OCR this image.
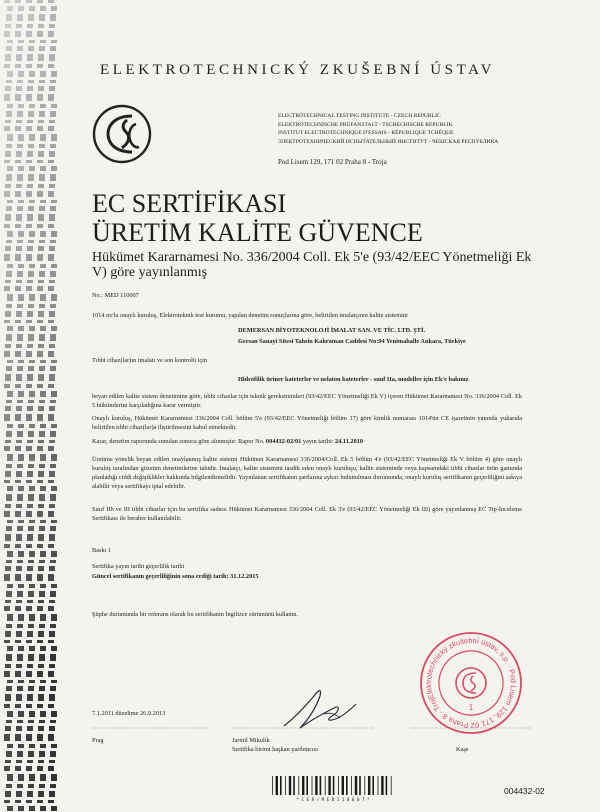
ELEKTROTECHNICKÝ ZKUŠEBNÍ ÚSTAV
ELECTROTECHNICAL TESTING INSTITUTE - CZECH REPUBLIC
ELEKTROTECHNISCHE PRÜFANSTALT - TSCHECHISCHE REPUBLIK
INSTITUT ELECTROTECHNIQUE D'ESSAIS - RÉPUBLIQUE TCHÈQUE
ЭЛЕКТРОТЕХНИЧЕСКИЙ ИСПЫТАТЕЛЬНЫЙ ИНСТИТУТ - ЧЕШСКАЯ РЕСПУБЛИКА
Pod Lisem 129, 171 02 Praha 8 - Troja
EC SERTİFİKASI
ÜRETİM KALİTE GÜVENCE
Hükümet Kararnamesi No. 336/2004 Coll. Ek 5'e (93/42/EEC Yönetmeliği Ek V) göre yayınlanmış
No.: MED 110007
1014 no'lu onaylı kuruluş, Elektroteknik test kurumu, yapılan denetim sonuçlarına göre, belirtilen imalatçının kalite sistemini
DEMERSAN BİYOTEKNOLOJİ İMALAT SAN. VE TİC. LTD. ŞTİ.
Gersan Sanayi Sitesi Tahsin Kahraman Caddesi No:94 Yenimahalle Ankara, Türkiye
Tıbbi cihaz(lar)ın imalatı ve son kontrolü için
Hidrofilik üriner kateterler ve nelaton kateterler - sınıf IIa, modeller için Ek'e bakınız
beyan edilen kalite sistem denetimine göre, tıbbi cihazlar için teknik gereksinimleri (93/42/EEC Yönetmeliği Ek V) içeren Hükümet Kararnamesi No. 336/2004 Coll. Ek 5 hükümlerini karşıladığına karar vermiştir.
Onaylı kuruluş, Hükümet Kararnamesi 336/2004 Coll. bölüm 5'e (93/42/EEC Yönetmeliği bölüm 17) göre kimlik numarası 1014'ün CE işaretinin yanında yukarıda belirtilen tıbbi cihaz(lar)a iliştirilmesini kabul etmektedir.
Karar, denetim raporunda sunulan sonuca göre alınmıştır. Rapor No. 004432-02/01 yayın tarihi: 24.11.2010
Üretime yönelik beyan edilen onaylanmış kalite sistemi Hükümet Kararnamesi 336/2004/Coll. Ek 5 bölüm 4'e (93/42/EEC Yönetmeliği Ek V bölüm 4) göre onaylı kuruluş tarafından gözetim denetimlerine tabidir. İmalatçı, kalite sistemini tasdik eden onaylı kuruluşu, kalite sisteminde veya kapsamdaki tıbbi cihazlar ürün gamında planladığı ciddi değişiklikler hakkında bilgilendirmelidir. Yayınlanan sertifikanın şartlarına aykırı bulunulması durumunda, onaylı kuruluş sertifikanın geçerliliğini askıya alabilir veya sertifikayı iptal edebilir.
Sınıf IIb ve III tıbbi cihazlar için bu sertifika sadece Hükümet Kararnamesi 336/2004 Coll. Ek 3'e (93/42/EEC Yönetmeliği Ek III) göre yayınlanmış EC Tip-İnceleme Sertifikası ile beraber kullanılabilir.
Baskı 1
Sertifika yayın tarihi geçerlilik tarihi
Güncel sertifikanın geçerliliğinin sona erdiği tarih: 31.12.2015
Şüphe durumunda bir referans olarak bu sertifikanın İngilizce sürümünü kullanın.
7.1.2011 düzeltme 26.9.2013
Prag	Jarmil Mikulík
Sertifika birimi başkan yardımcısı	Kaşe
Elektrotechnický zkušební ústav, s.p. · Pod Lisem 129, 171 02 Praha 8 - Troja
1
* C E R / M E D 1 1 0 0 0 7 *
004432-02
